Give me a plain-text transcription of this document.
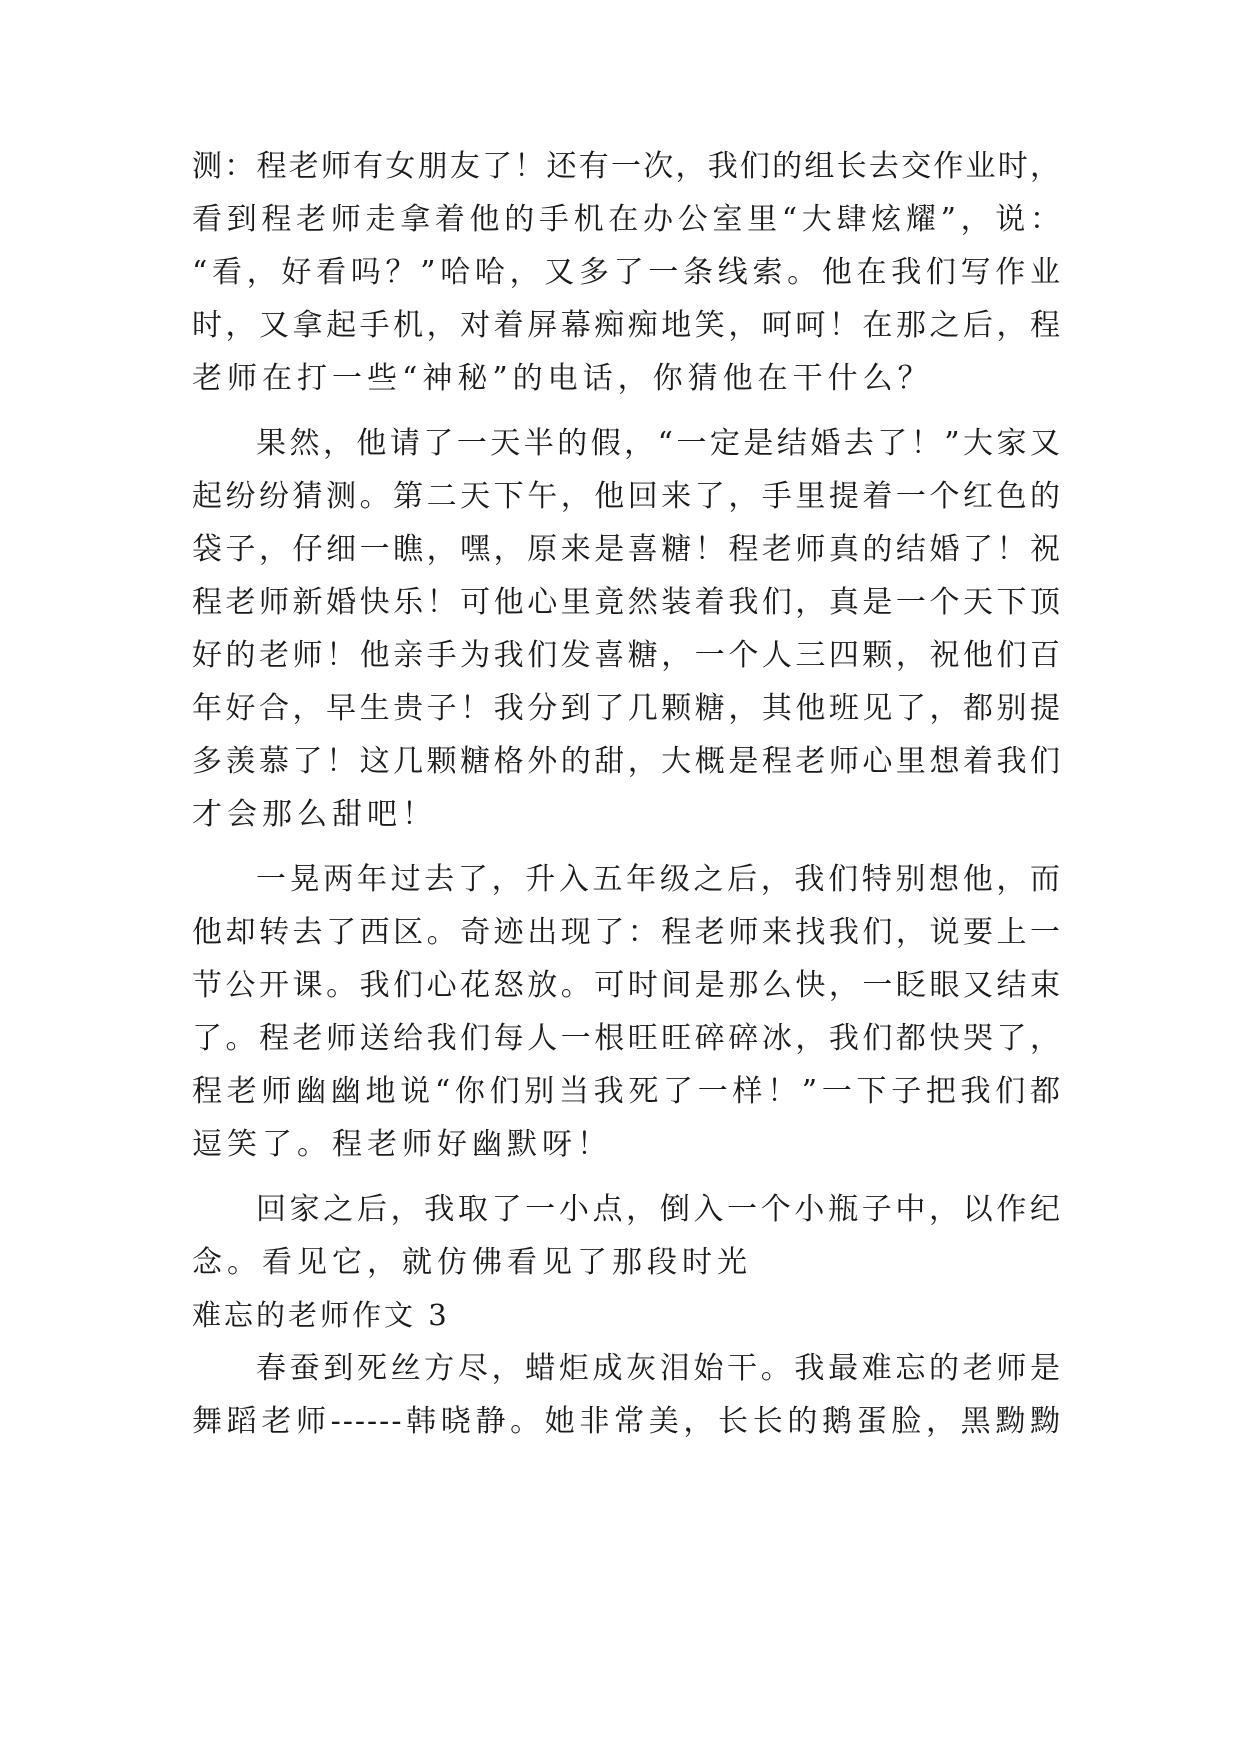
测：程老师有女朋友了！还有一次，我们的组长去交作业时，
看到程老师走拿着他的手机在办公室里“大肆炫耀”，说：
“看，好看吗？”哈哈，又多了一条线索。他在我们写作业
时，又拿起手机，对着屏幕痴痴地笑，呵呵！在那之后，程
老师在打一些“神秘”的电话，你猜他在干什么？
果然，他请了一天半的假，“一定是结婚去了！”大家又
起纷纷猜测。第二天下午，他回来了，手里提着一个红色的
袋子，仔细一瞧，嘿，原来是喜糖！程老师真的结婚了！祝
程老师新婚快乐！可他心里竟然装着我们，真是一个天下顶
好的老师！他亲手为我们发喜糖，一个人三四颗，祝他们百
年好合，早生贵子！我分到了几颗糖，其他班见了，都别提
多羡慕了！这几颗糖格外的甜，大概是程老师心里想着我们
才会那么甜吧！
一晃两年过去了，升入五年级之后，我们特别想他，而
他却转去了西区。奇迹出现了：程老师来找我们，说要上一
节公开课。我们心花怒放。可时间是那么快，一眨眼又结束
了。程老师送给我们每人一根旺旺碎碎冰，我们都快哭了，
程老师幽幽地说“你们别当我死了一样！”一下子把我们都
逗笑了。程老师好幽默呀！
回家之后，我取了一小点，倒入一个小瓶子中，以作纪
念。看见它，就仿佛看见了那段时光
难忘的老师作文 3
春蚕到死丝方尽，蜡炬成灰泪始干。我最难忘的老师是
舞蹈老师------韩晓静。她非常美，长长的鹅蛋脸，黑黝黝
